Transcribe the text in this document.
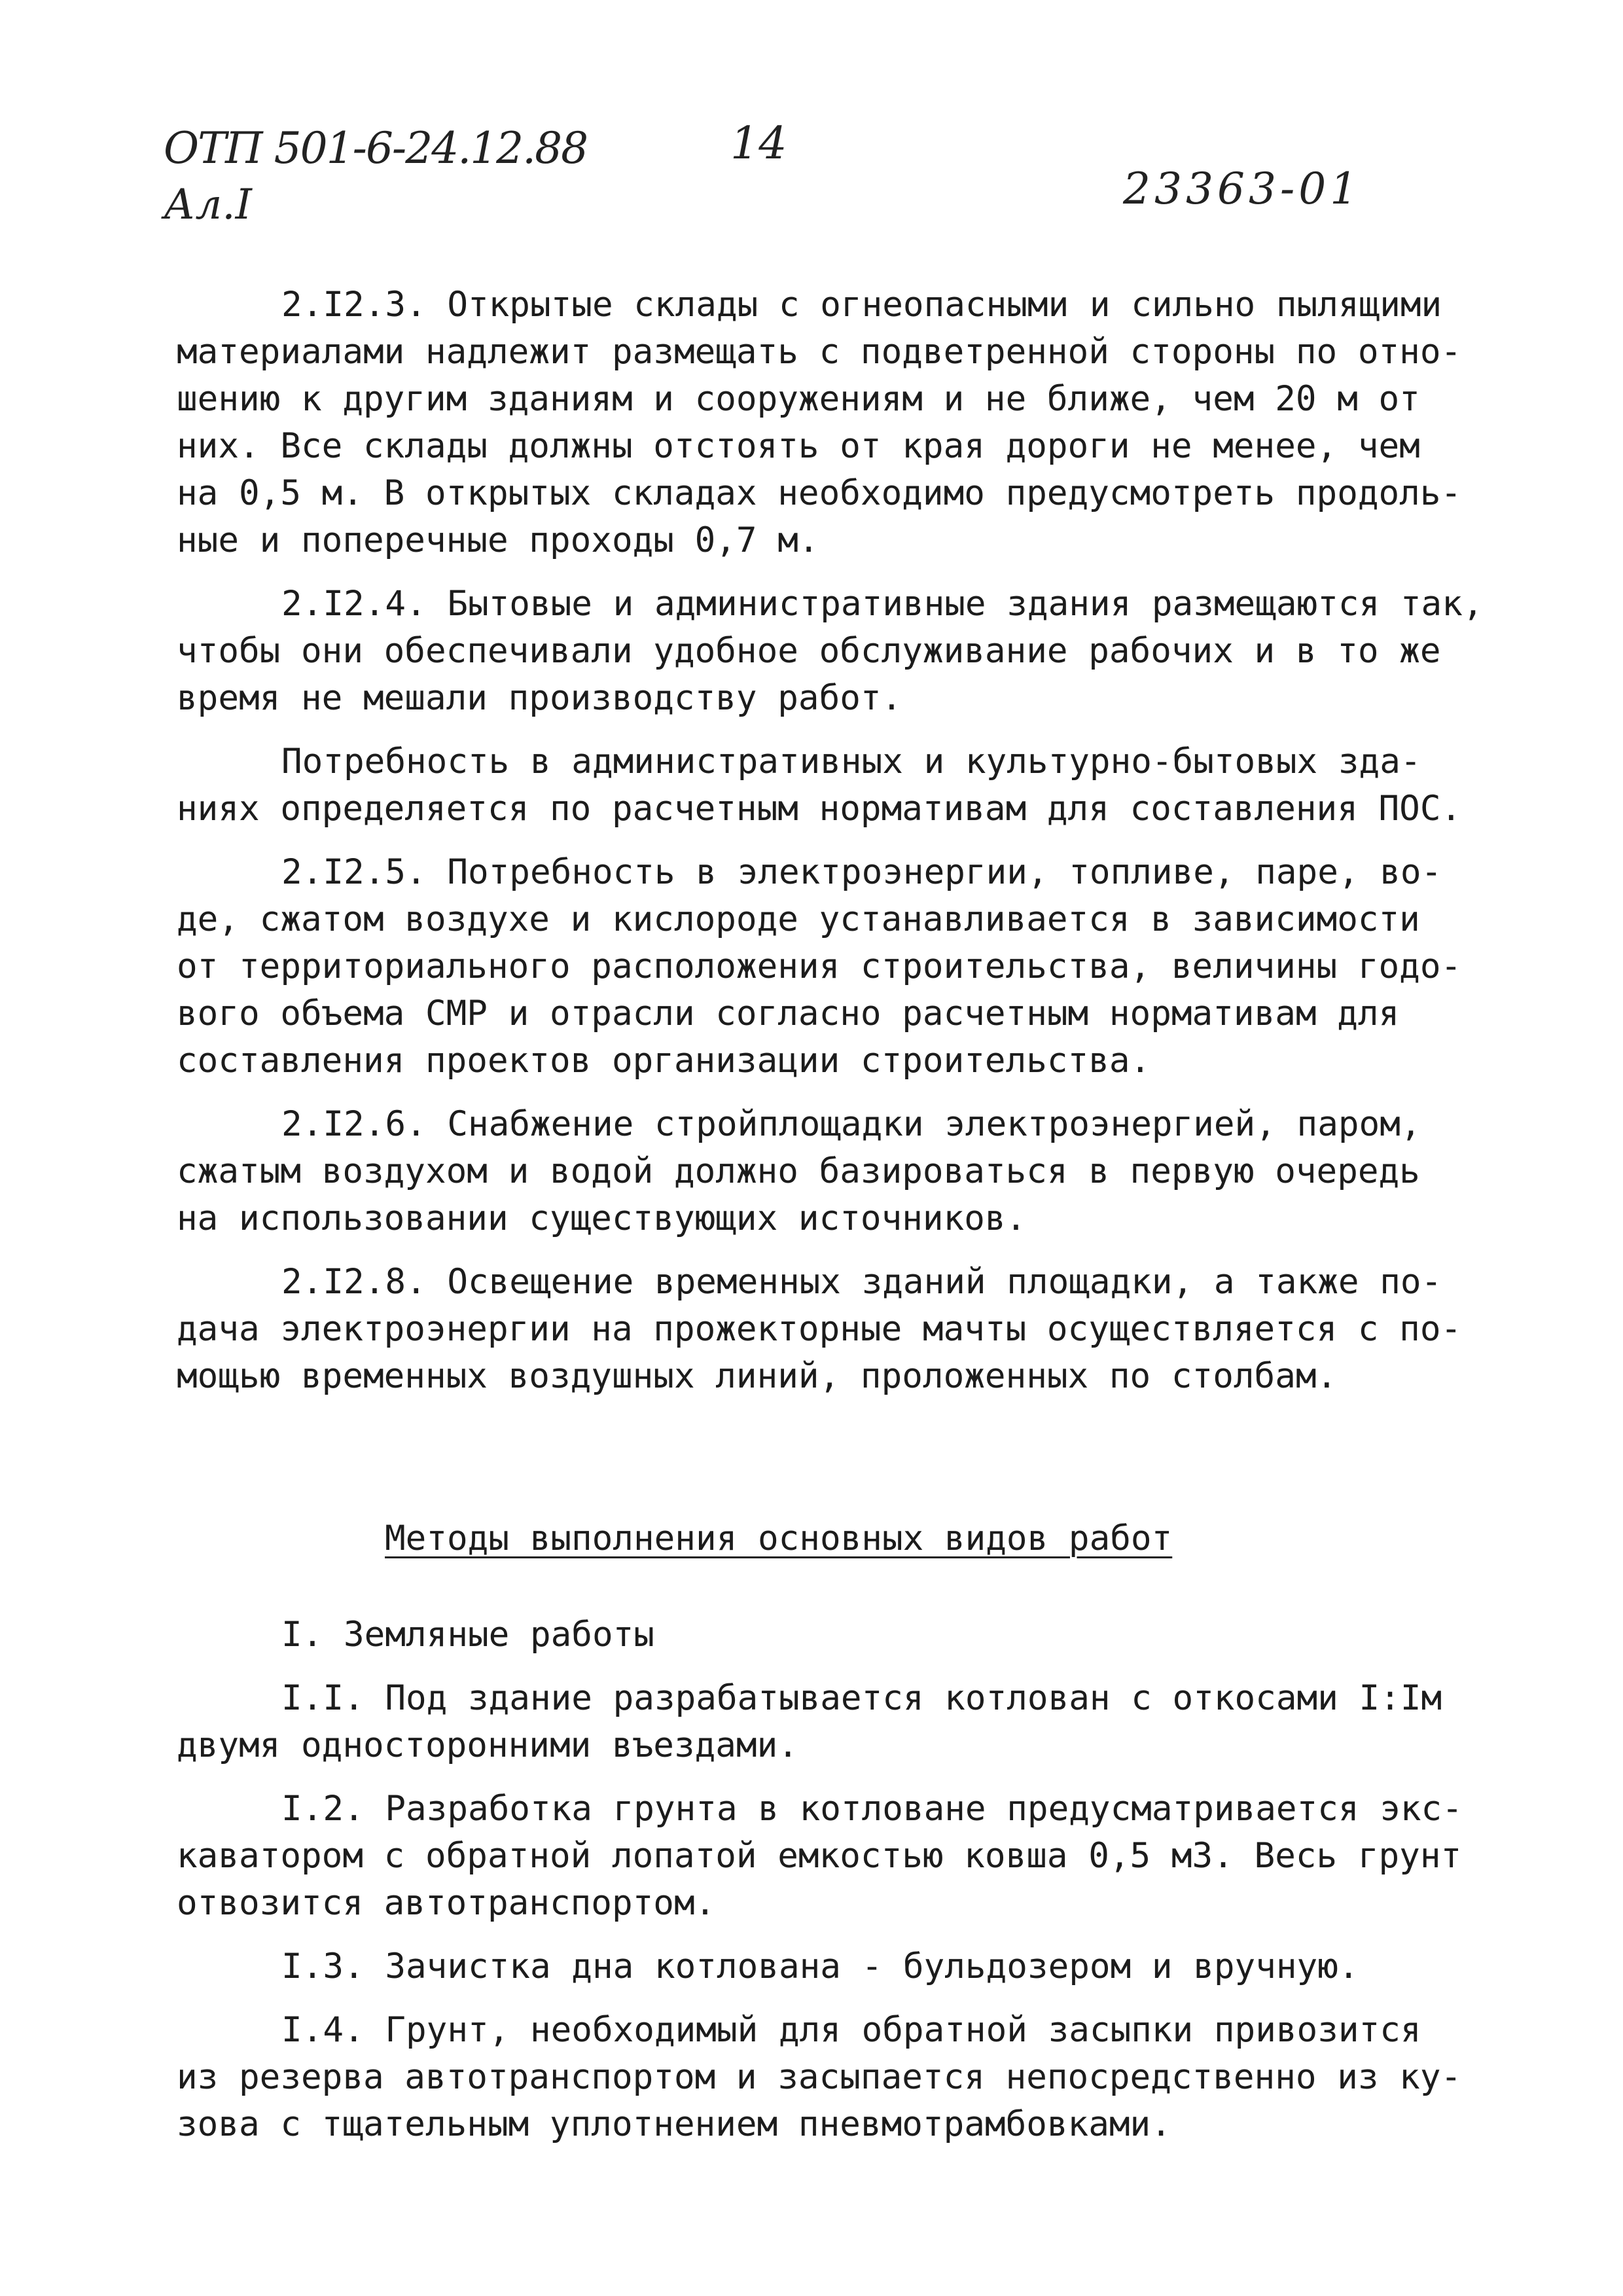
ОТП 501-6-24.12.88
Ал.I
14
23363-01
2.I2.3. Открытые склады с огнеопасными и сильно пылящими
материалами надлежит размещать с подветренной стороны по отно-
шению к другим зданиям и сооружениям и не ближе, чем 20 м от
них. Все склады должны отстоять от края дороги не менее, чем
на 0,5 м. В открытых складах необходимо предусмотреть продоль-
ные и поперечные проходы 0,7 м.
2.I2.4. Бытовые и административные здания размещаются так,
чтобы они обеспечивали удобное обслуживание рабочих и в то же
время не мешали производству работ.
Потребность в административных и культурно-бытовых зда-
ниях определяется по расчетным нормативам для составления ПОС.
2.I2.5. Потребность в электроэнергии, топливе, паре, во-
де, сжатом воздухе и кислороде устанавливается в зависимости
от территориального расположения строительства, величины годо-
вого объема СМР и отрасли согласно расчетным нормативам для
составления проектов организации строительства.
2.I2.6. Снабжение стройплощадки электроэнергией, паром,
сжатым воздухом и водой должно базироваться в первую очередь
на использовании существующих источников.
2.I2.8. Освещение временных зданий площадки, а также по-
дача электроэнергии на прожекторные мачты осуществляется с по-
мощью временных воздушных линий, проложенных по столбам.
Методы выполнения основных видов работ
I. Земляные работы
I.I. Под здание разрабатывается котлован с откосами I:Iм
двумя односторонними въездами.
I.2. Разработка грунта в котловане предусматривается экс-
каватором с обратной лопатой емкостью ковша 0,5 м3. Весь грунт
отвозится автотранспортом.
I.3. Зачистка дна котлована - бульдозером и вручную.
I.4. Грунт, необходимый для обратной засыпки привозится
из резерва автотранспортом и засыпается непосредственно из ку-
зова с тщательным уплотнением пневмотрамбовками.
